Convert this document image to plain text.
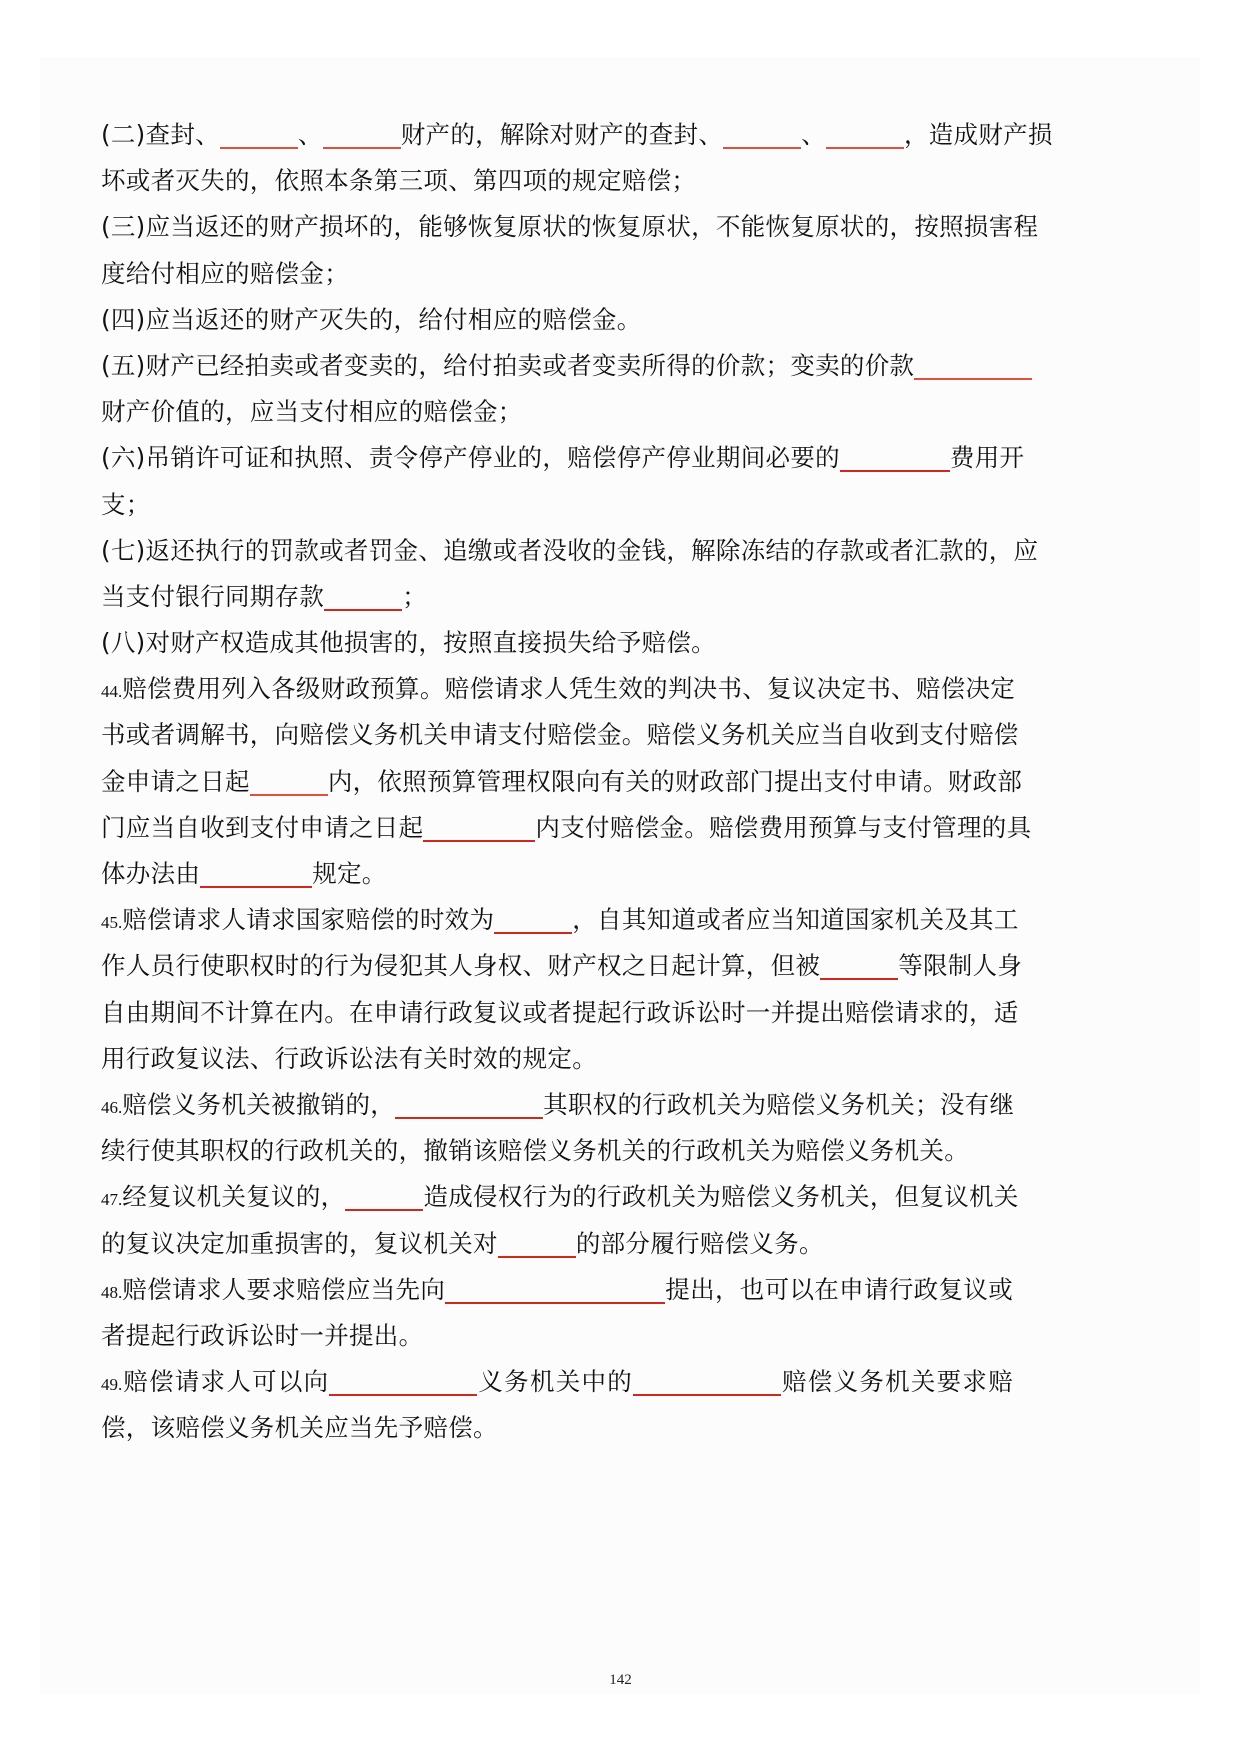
(二)查封、	、	财产的，解除对财产的查封、	、	，造成财产损
坏或者灭失的，依照本条第三项、第四项的规定赔偿；
(三)应当返还的财产损坏的，能够恢复原状的恢复原状，不能恢复原状的，按照损害程
度给付相应的赔偿金；
(四)应当返还的财产灭失的，给付相应的赔偿金。
(五)财产已经拍卖或者变卖的，给付拍卖或者变卖所得的价款；变卖的价款
财产价值的，应当支付相应的赔偿金；
(六)吊销许可证和执照、责令停产停业的，赔偿停产停业期间必要的	费用开
支；
(七)返还执行的罚款或者罚金、追缴或者没收的金钱，解除冻结的存款或者汇款的，应
当支付银行同期存款	；
(八)对财产权造成其他损害的，按照直接损失给予赔偿。
44.赔偿费用列入各级财政预算。赔偿请求人凭生效的判决书、复议决定书、赔偿决定
书或者调解书，向赔偿义务机关申请支付赔偿金。赔偿义务机关应当自收到支付赔偿
金申请之日起	内，依照预算管理权限向有关的财政部门提出支付申请。财政部
门应当自收到支付申请之日起	内支付赔偿金。赔偿费用预算与支付管理的具
体办法由	规定。
45.赔偿请求人请求国家赔偿的时效为	，自其知道或者应当知道国家机关及其工
作人员行使职权时的行为侵犯其人身权、财产权之日起计算，但被	等限制人身
自由期间不计算在内。在申请行政复议或者提起行政诉讼时一并提出赔偿请求的，适
用行政复议法、行政诉讼法有关时效的规定。
46.赔偿义务机关被撤销的，	其职权的行政机关为赔偿义务机关；没有继
续行使其职权的行政机关的，撤销该赔偿义务机关的行政机关为赔偿义务机关。
47.经复议机关复议的，	造成侵权行为的行政机关为赔偿义务机关，但复议机关
的复议决定加重损害的，复议机关对	的部分履行赔偿义务。
48.赔偿请求人要求赔偿应当先向	提出，也可以在申请行政复议或
者提起行政诉讼时一并提出。
49.赔偿请求人可以向	义务机关中的	赔偿义务机关要求赔
偿，该赔偿义务机关应当先予赔偿。
142
